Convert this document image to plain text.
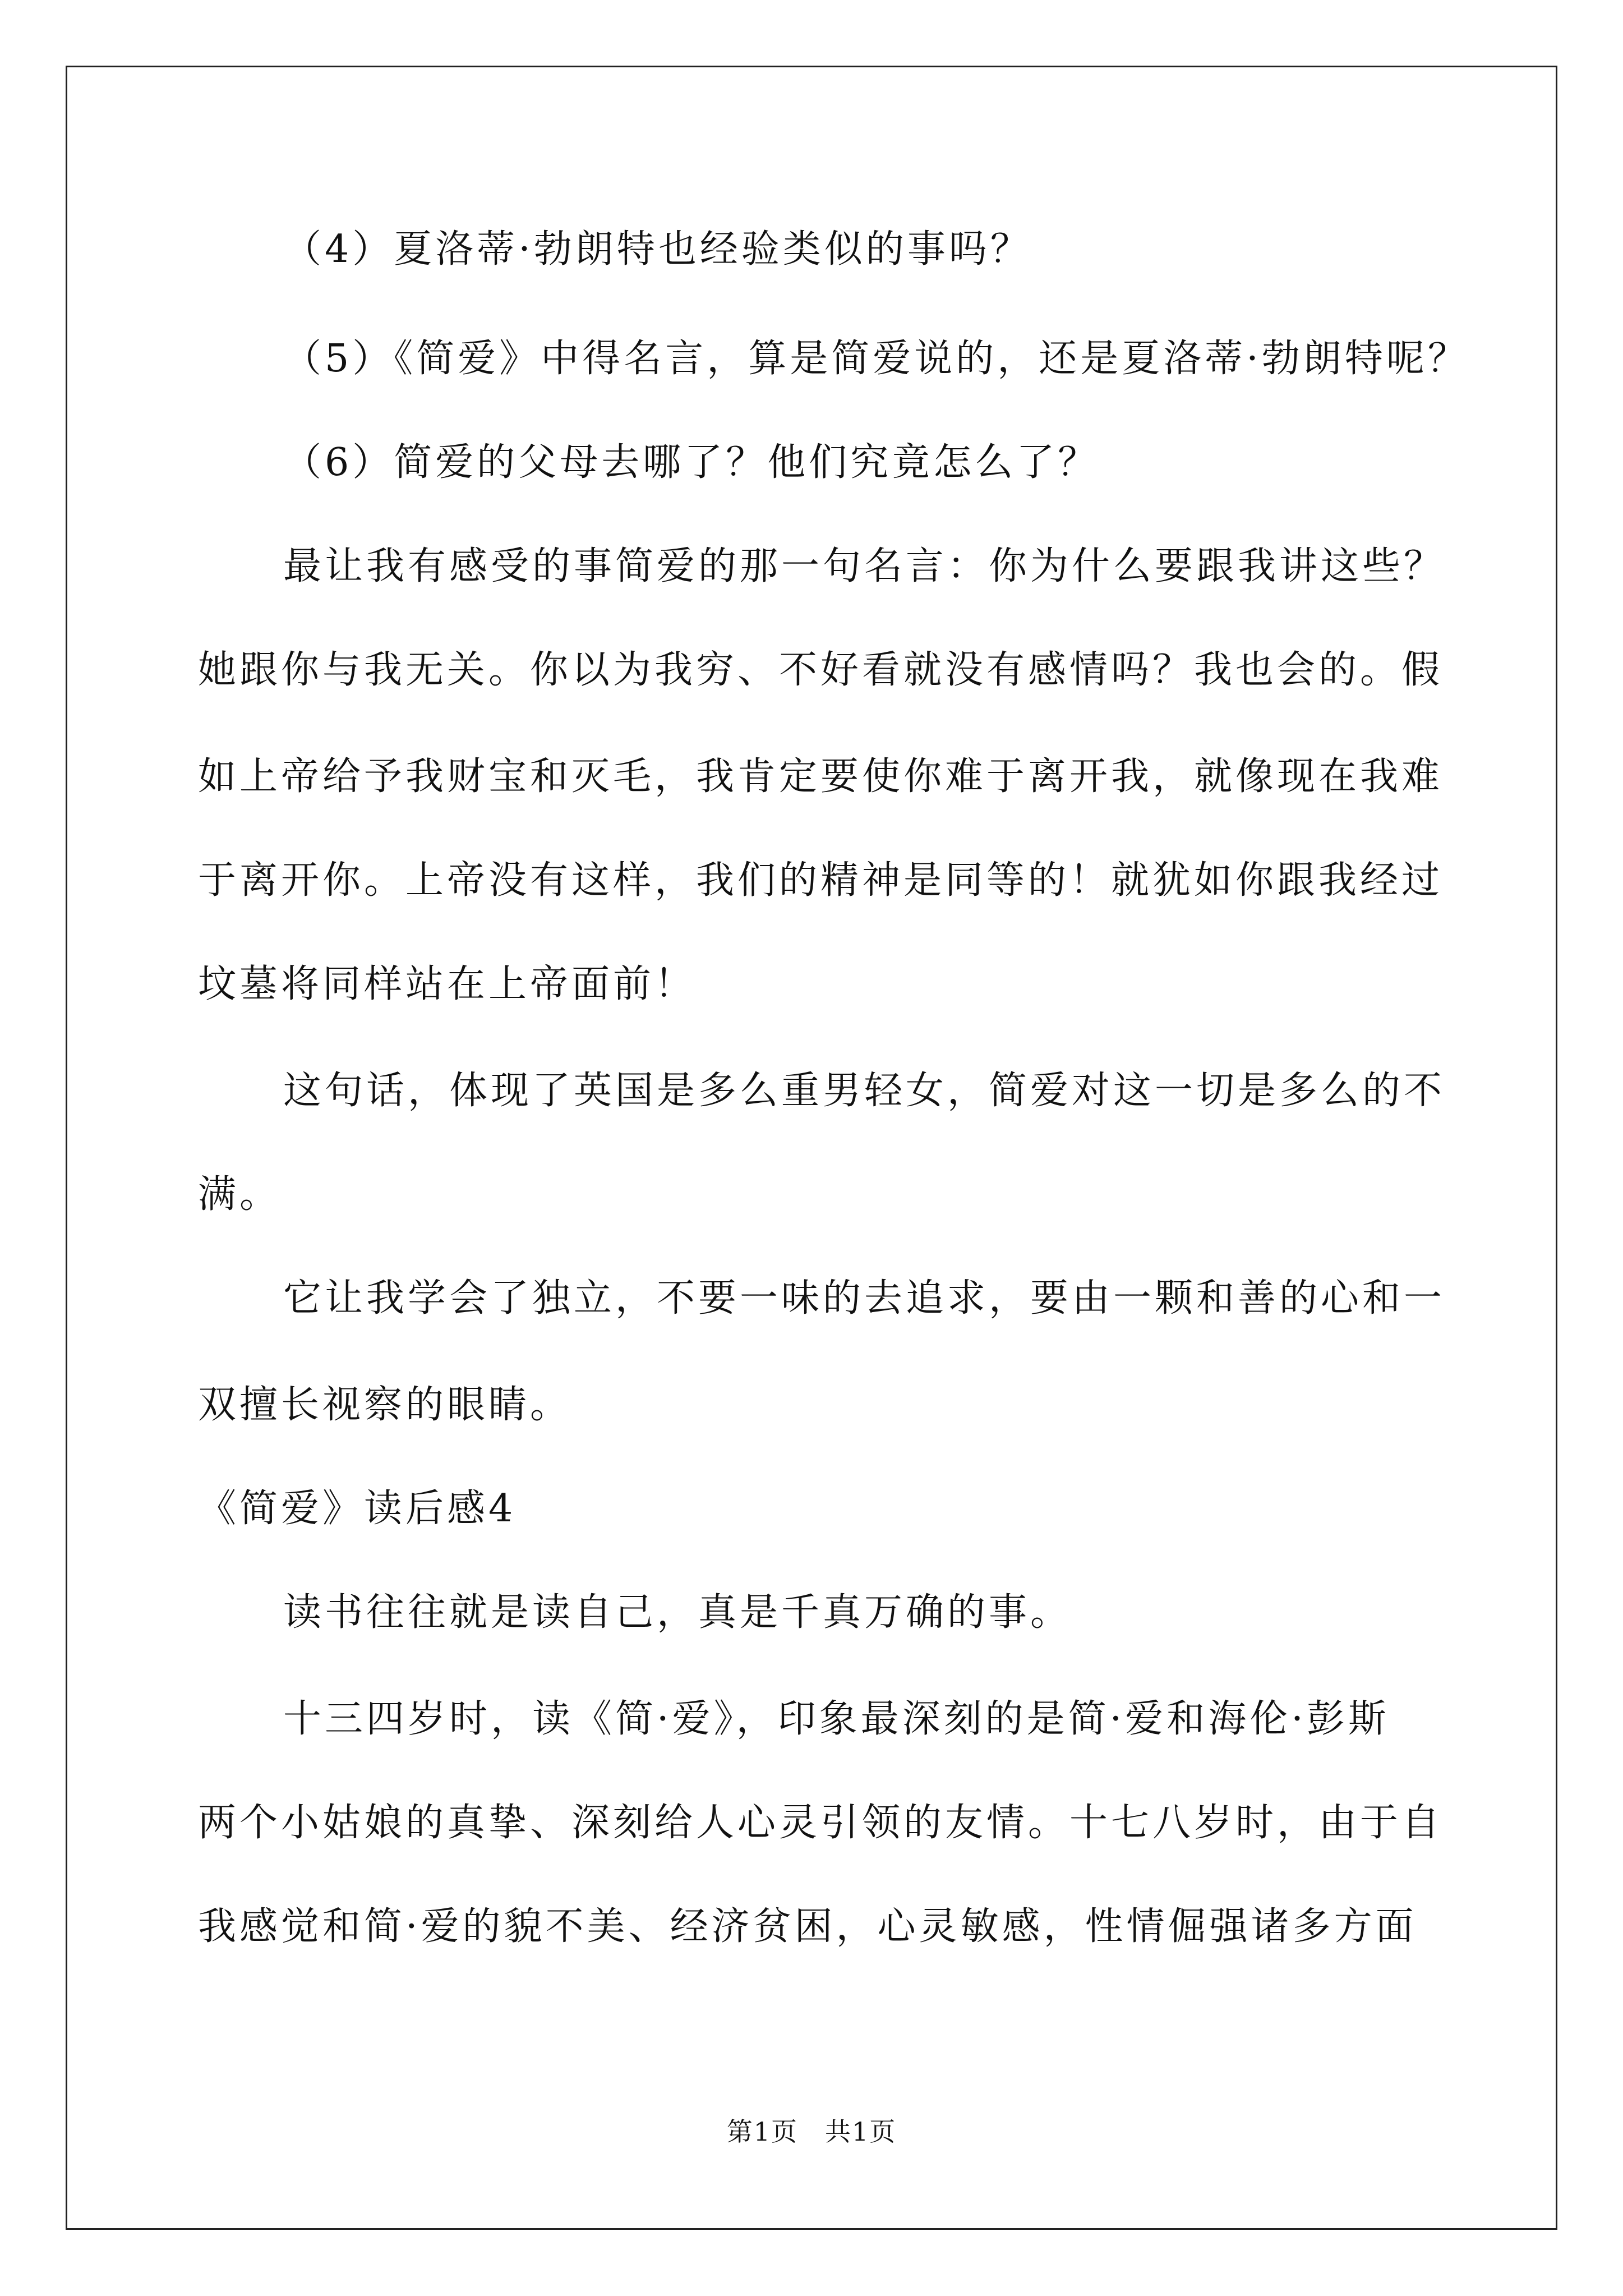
（4）夏洛蒂·勃朗特也经验类似的事吗？
（5）《简爱》中得名言，算是简爱说的，还是夏洛蒂·勃朗特呢？
（6）简爱的父母去哪了？他们究竟怎么了？
最让我有感受的事简爱的那一句名言：你为什么要跟我讲这些？
她跟你与我无关。你以为我穷、不好看就没有感情吗？我也会的。假
如上帝给予我财宝和灭毛，我肯定要使你难于离开我，就像现在我难
于离开你。上帝没有这样，我们的精神是同等的！就犹如你跟我经过
坟墓将同样站在上帝面前！
这句话，体现了英国是多么重男轻女，简爱对这一切是多么的不
满。
它让我学会了独立，不要一味的去追求，要由一颗和善的心和一
双擅长视察的眼睛。
《简爱》读后感4
读书往往就是读自己，真是千真万确的事。
十三四岁时，读《简·爱》，印象最深刻的是简·爱和海伦·彭斯
两个小姑娘的真挚、深刻给人心灵引领的友情。十七八岁时，由于自
我感觉和简·爱的貌不美、经济贫困，心灵敏感，性情倔强诸多方面
第1页　共1页
